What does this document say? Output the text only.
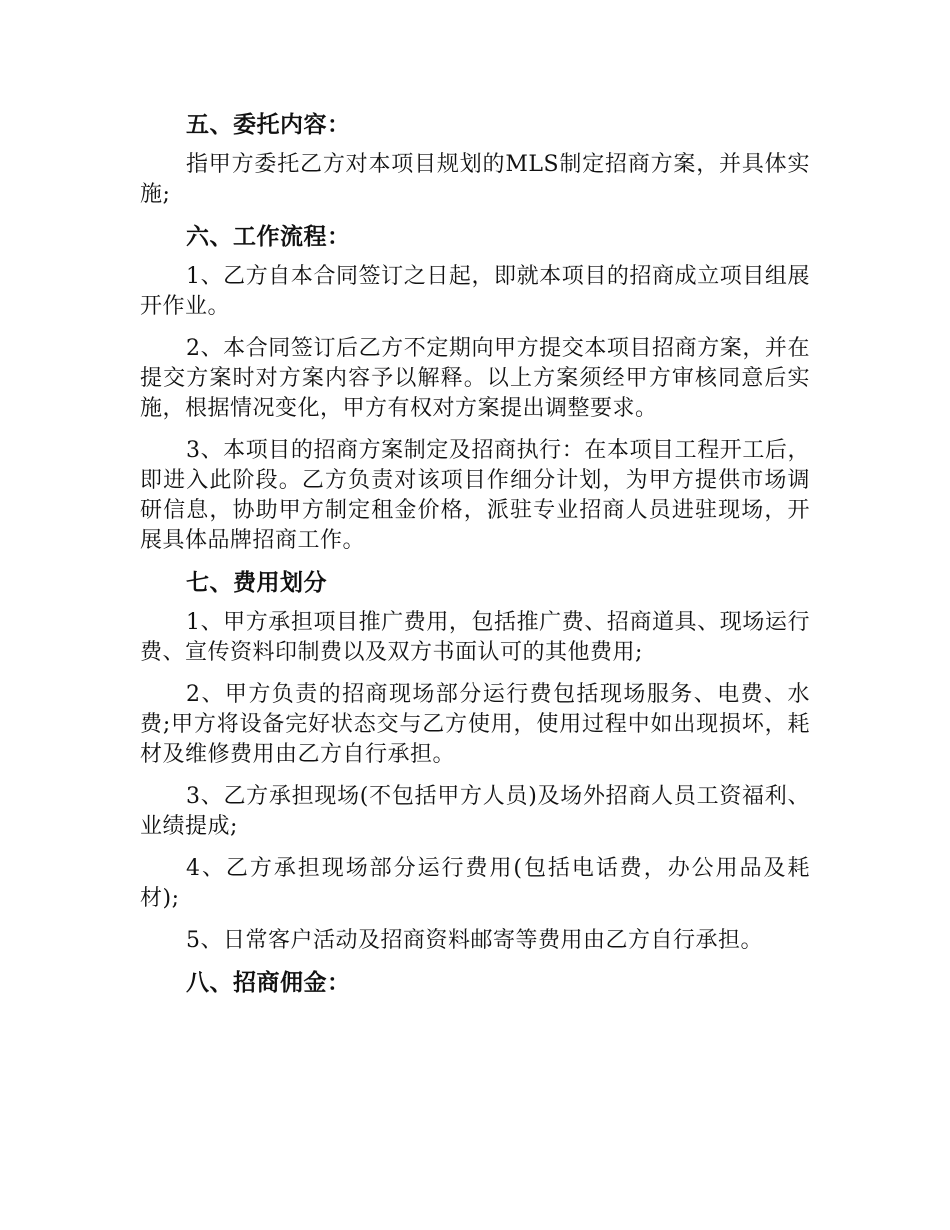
五、委托内容：

指甲方委托乙方对本项目规划的MLS制定招商方案，并具体实施;

六、工作流程：

1、乙方自本合同签订之日起，即就本项目的招商成立项目组展开作业。

2、本合同签订后乙方不定期向甲方提交本项目招商方案，并在提交方案时对方案内容予以解释。以上方案须经甲方审核同意后实施，根据情况变化，甲方有权对方案提出调整要求。

3、本项目的招商方案制定及招商执行：在本项目工程开工后，即进入此阶段。乙方负责对该项目作细分计划，为甲方提供市场调研信息，协助甲方制定租金价格，派驻专业招商人员进驻现场，开展具体品牌招商工作。

七、费用划分

1、甲方承担项目推广费用，包括推广费、招商道具、现场运行费、宣传资料印制费以及双方书面认可的其他费用;

2、甲方负责的招商现场部分运行费包括现场服务、电费、水费;甲方将设备完好状态交与乙方使用，使用过程中如出现损坏，耗材及维修费用由乙方自行承担。

3、乙方承担现场(不包括甲方人员)及场外招商人员工资福利、业绩提成;

4、乙方承担现场部分运行费用(包括电话费，办公用品及耗材);

5、日常客户活动及招商资料邮寄等费用由乙方自行承担。

八、招商佣金：
